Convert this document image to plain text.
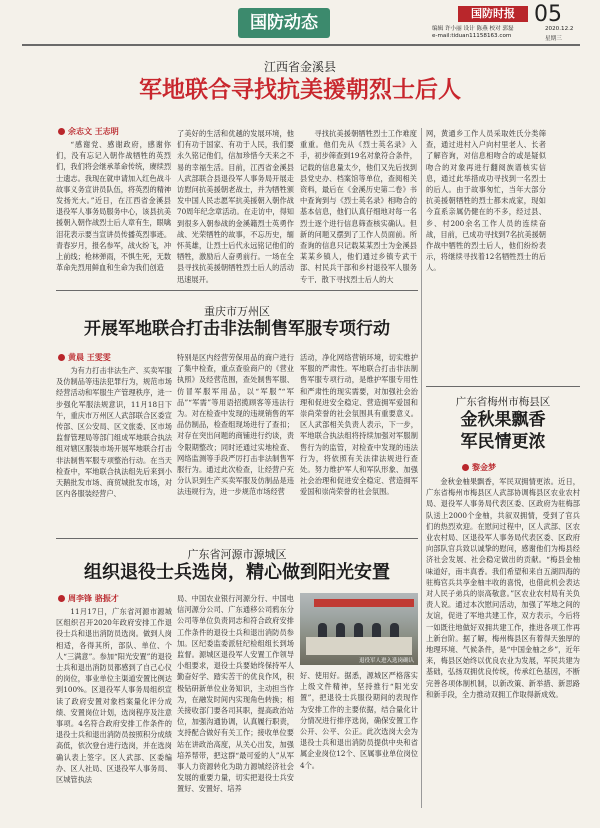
国防动态	国防时报 05
编辑 许小丽 设计 陈燕 校对 郭磊
e-mail:tiduan11158163.com
2020.12.2
星期三
江西省金溪县
军地联合寻找抗美援朝烈士后人
余志文 王志明

“感谢党、感谢政府，感谢你们，没有忘记入朝作战牺牲的英烈们，我们将会继承革命传统，赓续烈士遗志。我现在就申请加入红色战斗故事义务宣讲员队伍，将英烈的精神发扬光大。”近日，在江西省金溪县退役军人事务局服务中心，该县抗美援朝入朝作战烈士后人章有生，眼噙泪花表示要当宣讲员传播英烈事迹。青春岁月，报名参军，战火纷飞，冲上前线；枪林弹雨，不惧生死，无数革命先烈用鲜血和生命为我们创造

了美好的生活和优越的发展环境，他们有功于国家、有功于人民，我们要永久铭记他们，信加珍惜今天来之不易的幸福生活。目前，江西省金溪县人武部联合县退役军人事务局开展走访慰问抗美援朝老战士，并为牺牲颁发中国人民志愿军抗美援朝入朝作战70周年纪念章活动。在走访中，得知到很多入朝参战的金溪籍烈士英勇作战、光荣牺牲的故事，不忘历史，缅怀英雄，让烈士后代永远铭记他们的牺牲，激励后人奋勇前行。一场在全县寻找抗美援朝牺牲烈士后人的活动迅速展开。

寻找抗美援朝牺牲烈士工作难度重重。他们先从《烈士英名录》入手，初步筛查到19名对象符合条件，记载的信息量太少，他们又先后找到县党史办、档案馆等单位，查阅相关资料，最后在《金溪历史第二卷》书中查询到与《烈士英名录》相吻合的基本信息，他们认真仔细地对每一名烈士逐个进行信息筛查核实确认。但新的问题又摆到了工作人员面前。所查询的信息只记载某某烈士为金溪县某某乡镇人，他们通过乡镇专武干部、村民兵干部和乡村退役军人服务专干，散下寻找烈士后人的大

网，黄通乡工作人员采取姓氏分类筛查，通过进村入户向村里老人、长者了解咨询，对信息相吻合的或是疑似吻合的对象再进行翻阅族谱核实信息，通过此举措成功寻找到一名烈士的后人。由于故事匆忙，当年大部分抗美援朝牺牲的烈士都未成家，现如今直系亲属仍健在的不多，经过县、乡、村200余名工作人员的连续奋战，目前，已成功寻找到7名抗美援朝作战中牺牲的烈士后人，他们纷纷表示，将继续寻找着12名牺牲烈士的后人。

重庆市万州区
开展军地联合打击非法制售军服专项行动
黄晨 王雯雯

为有力打击非法生产、买卖军服及仿制品等违法犯罪行为，规范市场经营活动和军服生产管理秩序，进一步强化军服法规意识，11月18日下午，重庆市万州区人武部联合区委宣传部、区公安局、区文旅委、区市场监督管理局等部门组成军地联合执法组对辖区服装市场开展军地联合打击非法制售军服专项整治行动。在当天检查中，军地联合执法组先后来到小天鹅批发市场、商贸城批发市场，对区内各服装经营户、

特别是区内经营劳保用品的商户进行了集中检查，重点查验商户的《营业执照》及经营范围，查处制售军服、仿冒军服军用品，以“军服”“军品”“军需”等用语招揽顾客等违法行为。对在检查中发现的违规销售的军品仿制品，检查组现场进行了查扣；对存在突出问题的商铺进行约谈，责令限期整改；同时还通过实地检查、网络监测等手段严厉打击非法制售军服行为。通过此次检查，让经营户充分认识到生产买卖军服及仿制品是违法违规行为，进一步规范市场经营

活动，净化网络营销环境，切实维护军服的严肃性。军地联合打击非法制售军服专项行动，是维护军服专用性和严肃性的现实需要，对加强社会治理和促进安全稳定、营造拥军爱国和崇尚荣誉的社会氛围具有重要意义。区人武部相关负责人表示，下一步，军地联合执法组将持续加强对军服制售行为的监管，对检查中发现的违法行为，将依照有关法律法规进行查处。努力维护军人和军队形象、加强社会治理和促进安全稳定、营造拥军爱国和崇尚荣誉的社会氛围。

广东省梅州市梅县区
金秋果飘香
军民情更浓
黎金梦

金秋金柚果飘香，军民双拥情更浓。近日，广东省梅州市梅县区人武部协调梅县区农业农村局、退役军人事务局代表区委、区政府为驻梅部队送上2000个金柚，共叙双拥情，受到了官兵们的热烈欢迎。在慰问过程中，区人武部、区农业农村局、区退役军人事务局代表区委、区政府向部队官兵致以诚挚的慰问，感谢他们为梅县经济社会发展、社会稳定做出的贡献。“梅县金柚味道好，南丰真香。我们希望和来自五湖四海的驻梅官兵共享金柚丰收的喜悦，也借此机会表达对人民子弟兵的崇高敬意。”区农业农村局有关负责人说。通过本次慰问活动，加强了军地之间的友谊，促进了军地共建工作，双方表示，今后将一如既往地做好双拥共建工作，推进各项工作再上新台阶。据了解，梅州梅县区有着得天独厚的地理环境、气候条件，是“中国金柚之乡”，近年来，梅县区始终以优良农业为发展，军民共建为基础，弘扬双拥优良传统，传承红色基因，不断完善各项体制机制，以新改策、新举措、新思路和新手段，全力推动双拥工作取得新成效。

广东省河源市源城区
组织退役士兵选岗，精心做到阳光安置
周李锋 骆振才

11月17日，广东省河源市源城区组织召开2020年政府安排工作退役士兵和退出消防员选岗。做到人岗相适，各得其所，部队、单位、个人“三满意”。参加“阳光安置”的退役士兵和退出消防员都感到了自己心仪的岗位，事业单位主渠道安置比例达到100%。区退役军人事务局组织宣读了政府安置对象档案量化评分成绩、安置岗位计划，选岗程序及注意事项。4名符合政府安排工作条件的退役士兵和退出消防员按照积分成绩高低，依次登台进行选岗，并在选岗确认表上签字。区人武部、区委编办、区人社局、区退役军人事务局、区城管执法

局、中国农业银行河源分行、中国电信河源分公司、广东通移公司鸦东分公司等单位负责同志和符合政府安排工作条件的退役士兵和退出消防员参加。区纪委监委派驻纪检组组长到场监督。源城区退役军人安置工作领导小组要求，退役士兵要始终保持军人勤奋好学、踏实苦干的优良作风，积极钻研新单位业务知识，主动担当作为，在融发时间内实现角色转换；相关接收部门要各司其职，提高政治站位，加强沟通协调，认真履行职责，支持配合做好有关工作；接收单位要站在讲政治高度，从关心出发，加强培养帮带，把这群“最可爱的人”从军事人力资源转化为助力源城经济社会发展的重要力量，切实把退役士兵安置好、安置好、培养

退役军人进入选岗确认

好、使用好。据悉，源城区严格落实上级文件精神，坚持推行“阳光安置”，把退役士兵服役期间的表现作为安排工作的主要依据，结合量化计分情况进行排序选岗，确保安置工作公开、公平、公正。此次选岗大会为退役士兵和退出消防员提供中央和省属企业岗位12个、区属事业单位岗位4个。
